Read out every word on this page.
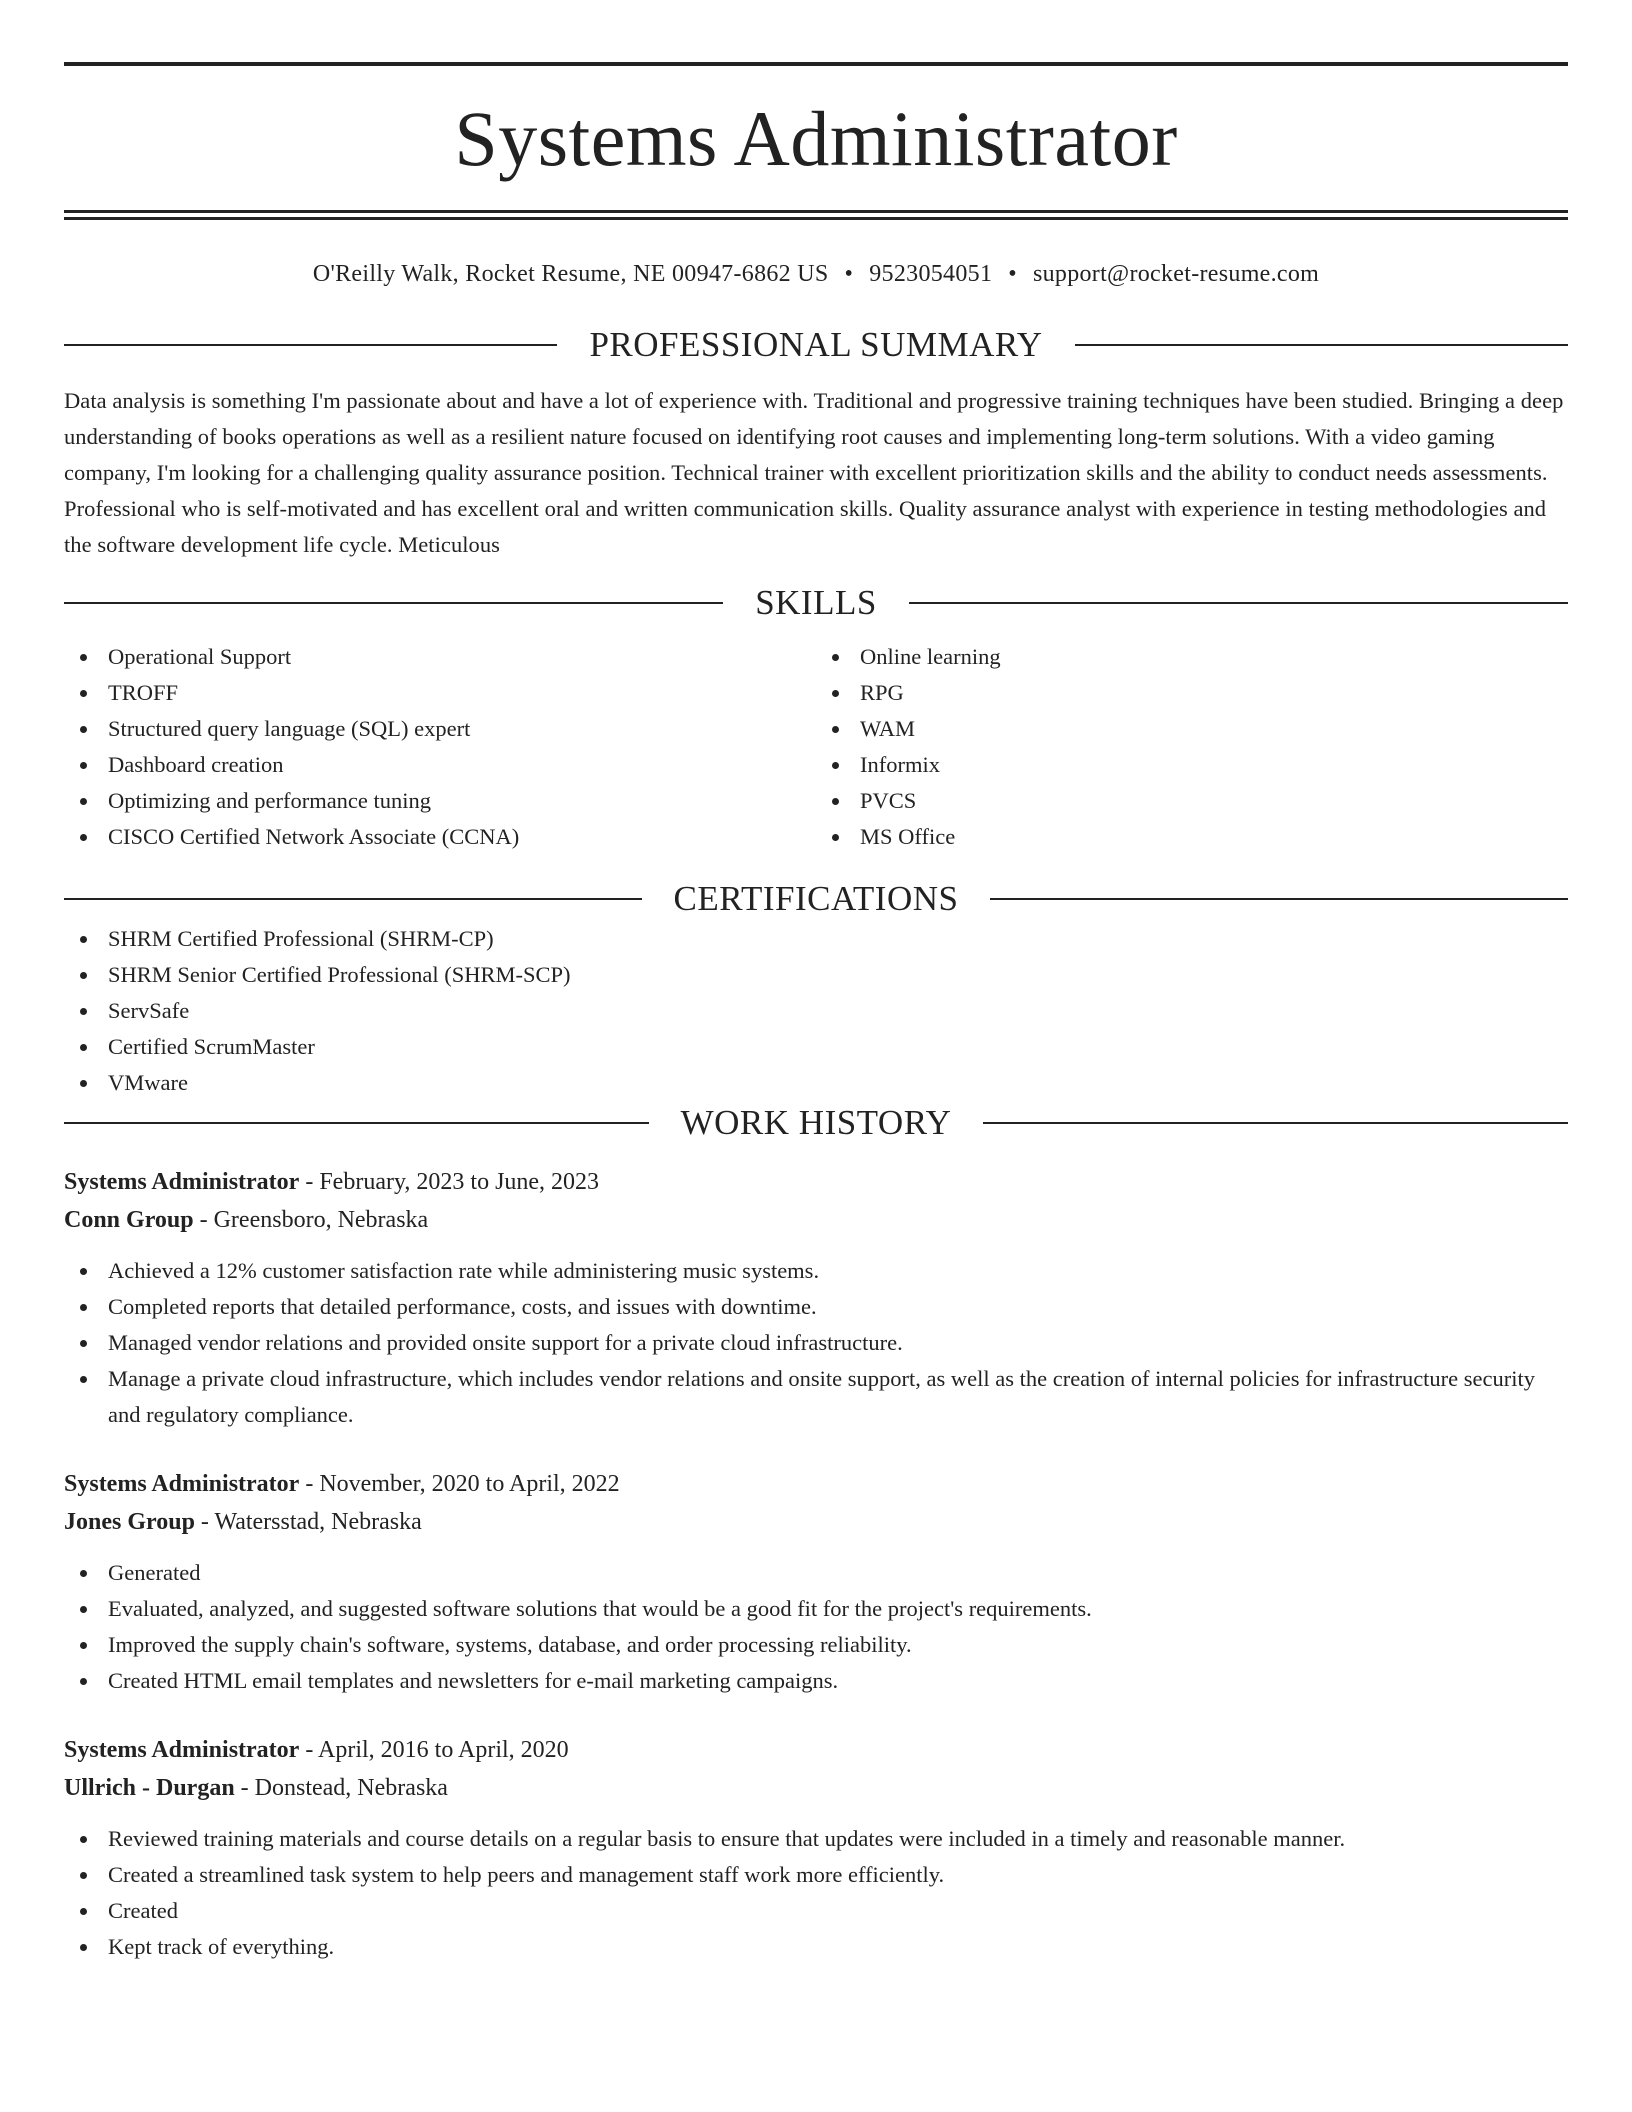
Systems Administrator
O'Reilly Walk, Rocket Resume, NE 00947-6862 US • 9523054051 • support@rocket-resume.com
PROFESSIONAL SUMMARY

Data analysis is something I'm passionate about and have a lot of experience with. Traditional and progressive training techniques have been studied. Bringing a deep understanding of books operations as well as a resilient nature focused on identifying root causes and implementing long-term solutions. With a video gaming company, I'm looking for a challenging quality assurance position. Technical trainer with excellent prioritization skills and the ability to conduct needs assessments. Professional who is self-motivated and has excellent oral and written communication skills. Quality assurance analyst with experience in testing methodologies and the software development life cycle. Meticulous

SKILLS
Operational Support
TROFF
Structured query language (SQL) expert
Dashboard creation
Optimizing and performance tuning
CISCO Certified Network Associate (CCNA)
Online learning
RPG
WAM
Informix
PVCS
MS Office
CERTIFICATIONS
SHRM Certified Professional (SHRM-CP)
SHRM Senior Certified Professional (SHRM-SCP)
ServSafe
Certified ScrumMaster
VMware
WORK HISTORY
Systems Administrator - February, 2023 to June, 2023
Conn Group - Greensboro, Nebraska
Achieved a 12% customer satisfaction rate while administering music systems.
Completed reports that detailed performance, costs, and issues with downtime.
Managed vendor relations and provided onsite support for a private cloud infrastructure.
Manage a private cloud infrastructure, which includes vendor relations and onsite support, as well as the creation of internal policies for infrastructure security and regulatory compliance.
Systems Administrator - November, 2020 to April, 2022
Jones Group - Watersstad, Nebraska
Generated
Evaluated, analyzed, and suggested software solutions that would be a good fit for the project's requirements.
Improved the supply chain's software, systems, database, and order processing reliability.
Created HTML email templates and newsletters for e-mail marketing campaigns.
Systems Administrator - April, 2016 to April, 2020
Ullrich - Durgan - Donstead, Nebraska
Reviewed training materials and course details on a regular basis to ensure that updates were included in a timely and reasonable manner.
Created a streamlined task system to help peers and management staff work more efficiently.
Created
Kept track of everything.
